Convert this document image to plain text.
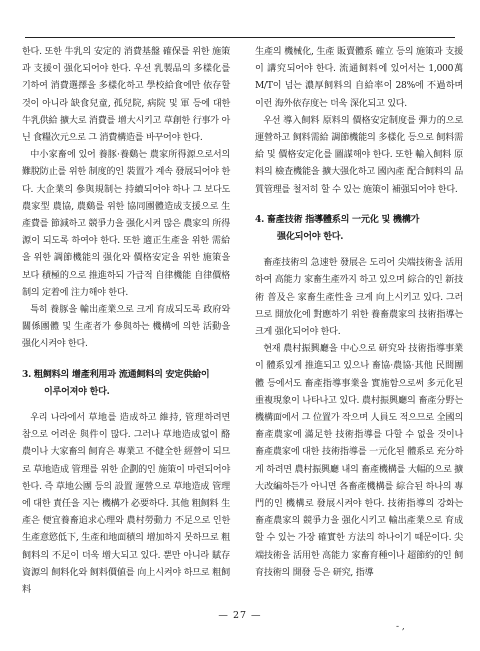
한다. 또한 牛乳의 安定的 消費基盤 確保를 위한 施策과 支援이 强化되어야 한다. 우선 乳製品의 多樣化를 기하여 消費選擇을 多樣化하고 學校給食에만 依存할 것이 아니라 缺食兒童, 孤兒院, 病院 및 軍 등에 대한 牛乳供給 擴大로 消費를 增大시키고 草創한 行事가 아닌 食糧次元으로 그 消費構造를 바꾸어야 한다.

中小家畜에 있어 養豚·養鷄는 農家所得源으로서의 難脫防止를 위한 制度的인 裝置가 계속 發展되어야 한다. 大企業의 參與規制는 持續되어야 하나 그 보다도 農家型 農協, 農鷄를 위한 協同團體造成支援으로 生產費를 節減하고 競爭力을 强化시켜 많은 農家의 所得源이 되도록 하여야 한다. 또한 適正生產을 위한 需給을 위한 調節機能의 强化와 價格安定을 위한 施策을 보다 積極的으로 推進하되 가급적 自律機能 自律價格制의 定着에 注力해야 한다.

특히 養豚을 輸出產業으로 크게 育成되도록 政府와 關係團體 및 生產者가 參與하는 機構에 의한 活動을 强化시켜야 한다.

3. 粗飼料의 增產利用과 流通飼料의 安定供給이
이루어져야 한다.

우리 나라에서 草地를 造成하고 維持, 管理하려면 참으로 어려운 與件이 많다. 그러나 草地造成없이 酪農이나 大家畜의 飼育은 專業고 不健全한 經營이 되므로 草地造成 管理를 위한 企劃的인 施策이 마련되어야 한다. 즉 草地公團 등의 設置 運營으로 草地造成 管理에 대한 責任을 지는 機構가 必要하다. 其他 粗飼料 生產은 便宜養畜追求心理와 農村勞動力 不足으로 인한 生產意慾低下, 生產和地面積의 增加하지 못하므로 粗飼料의 不足이 더욱 增大되고 있다. 뿐만 아니라 賦存資源의 飼料化와 飼料價値를 向上시켜야 하므로 粗飼料

生產의 機械化, 生產 販賣體系 確立 등의 施策과 支援이 講究되어야 한다. 流通飼料에 있어서는 1,000萬M/T이 넘는 濃厚飼料의 自給率이 28%에 不過하며 이런 海外依存度는 더욱 深化되고 있다.

우선 導入飼料 原料의 價格安定制度를 彈力的으로 運營하고 飼料需給 調節機能의 多樣化 등으로 飼料需給 및 價格安定化를 圖謀해야 한다. 또한 輸入飼料 原料의 檢査機能을 擴大强化하고 國內產 配合飼料의 品質管理를 철저히 할 수 있는 施策이 補强되어야 한다.

4. 畜產技術 指導體系의 一元化 및 機構가
强化되어야 한다.

畜產技術의 急速한 發展은 도리어 尖端技術을 活用하여 高能力 家畜生產까지 하고 있으며 綜合的인 新技術 普及은 家畜生產性을 크게 向上시키고 있다. 그러므로 開放化에 對應하기 위한 養畜農家의 技術指導는 크게 强化되어야 한다.

현재 農村振興廳을 中心으로 研究와 技術指導事業이 體系있게 推進되고 있으나 畜協·農協·其他 民間團體 등에서도 畜產指導事業을 實施함으로써 多元化된 重複現象이 나타나고 있다. 農村振興廳의 畜產分野는 機構面에서 그 位置가 작으며 人員도 적으므로 全國의 畜產農家에 滿足한 技術指導를 다할 수 없을 것이나 畜產農家에 대한 技術指導를 一元化된 體系로 充分하게 하려면 農村振興廳 내의 畜產機構를 大幅的으로 擴大改編하든가 아니면 各畜產機構를 綜合된 하나의 專門的인 機構로 發展시켜야 한다. 技術指導의 강화는 畜產農家의 競爭力을 强化시키고 輸出產業으로 育成할 수 있는 가장 確實한 方法의 하나이기 때문이다. 尖端技術을 活用한 高能力 家畜育種이나 超節約的인 飼育技術의 開發 등은 研究, 指導

— 27 —
- ,
